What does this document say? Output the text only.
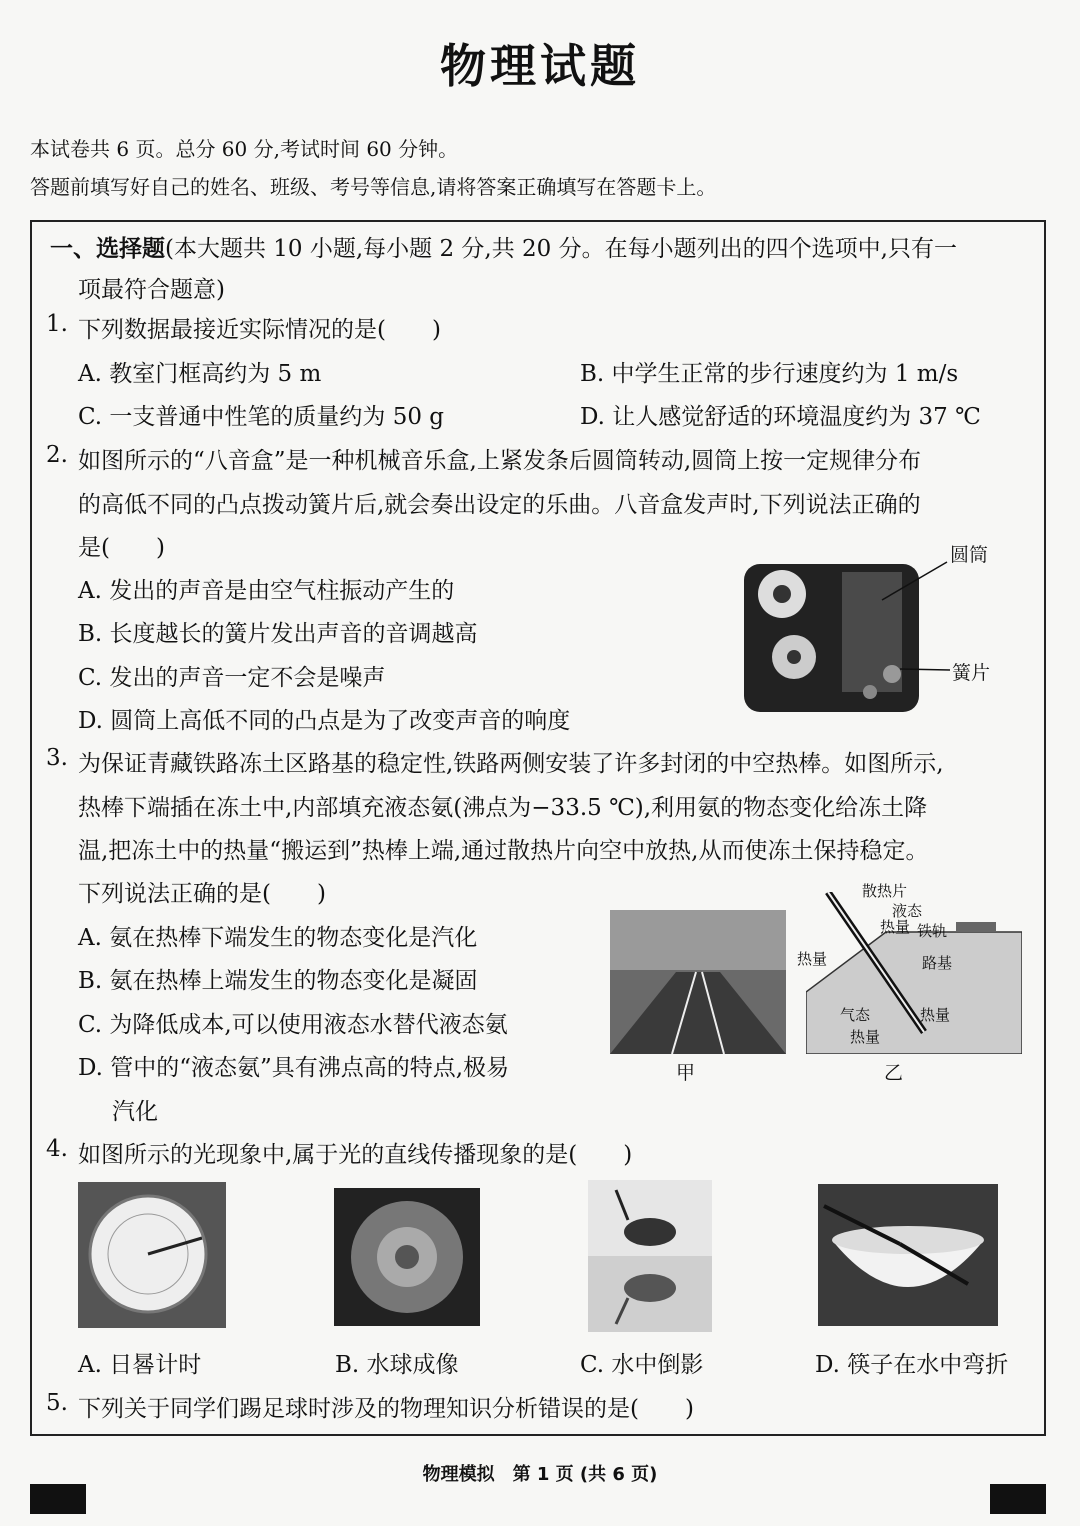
物理试题
本试卷共 6 页。总分 60 分,考试时间 60 分钟。
答题前填写好自己的姓名、班级、考号等信息,请将答案正确填写在答题卡上。
一、选择题(本大题共 10 小题,每小题 2 分,共 20 分。在每小题列出的四个选项中,只有一
项最符合题意)
1. 下列数据最接近实际情况的是(　　)
A. 教室门框高约为 5 m	B. 中学生正常的步行速度约为 1 m/s
C. 一支普通中性笔的质量约为 50 g	D. 让人感觉舒适的环境温度约为 37 ℃
2. 如图所示的“八音盒”是一种机械音乐盒,上紧发条后圆筒转动,圆筒上按一定规律分布
的高低不同的凸点拨动簧片后,就会奏出设定的乐曲。八音盒发声时,下列说法正确的
是(　　)
A. 发出的声音是由空气柱振动产生的
B. 长度越长的簧片发出声音的音调越高
C. 发出的声音一定不会是噪声
D. 圆筒上高低不同的凸点是为了改变声音的响度
圆筒
簧片
3. 为保证青藏铁路冻土区路基的稳定性,铁路两侧安装了许多封闭的中空热棒。如图所示,
热棒下端插在冻土中,内部填充液态氨(沸点为−33.5 ℃),利用氨的物态变化给冻土降
温,把冻土中的热量“搬运到”热棒上端,通过散热片向空中放热,从而使冻土保持稳定。
下列说法正确的是(　　)
A. 氨在热棒下端发生的物态变化是汽化
B. 氨在热棒上端发生的物态变化是凝固
C. 为降低成本,可以使用液态水替代液态氨
D. 管中的“液态氨”具有沸点高的特点,极易
汽化
甲
散热片
液态
热量 铁轨
热量	路基
气态	热量
热量
乙
4. 如图所示的光现象中,属于光的直线传播现象的是(　　)
A. 日晷计时	B. 水球成像	C. 水中倒影	D. 筷子在水中弯折
5. 下列关于同学们踢足球时涉及的物理知识分析错误的是(　　)
物理模拟　第 1 页 (共 6 页)
